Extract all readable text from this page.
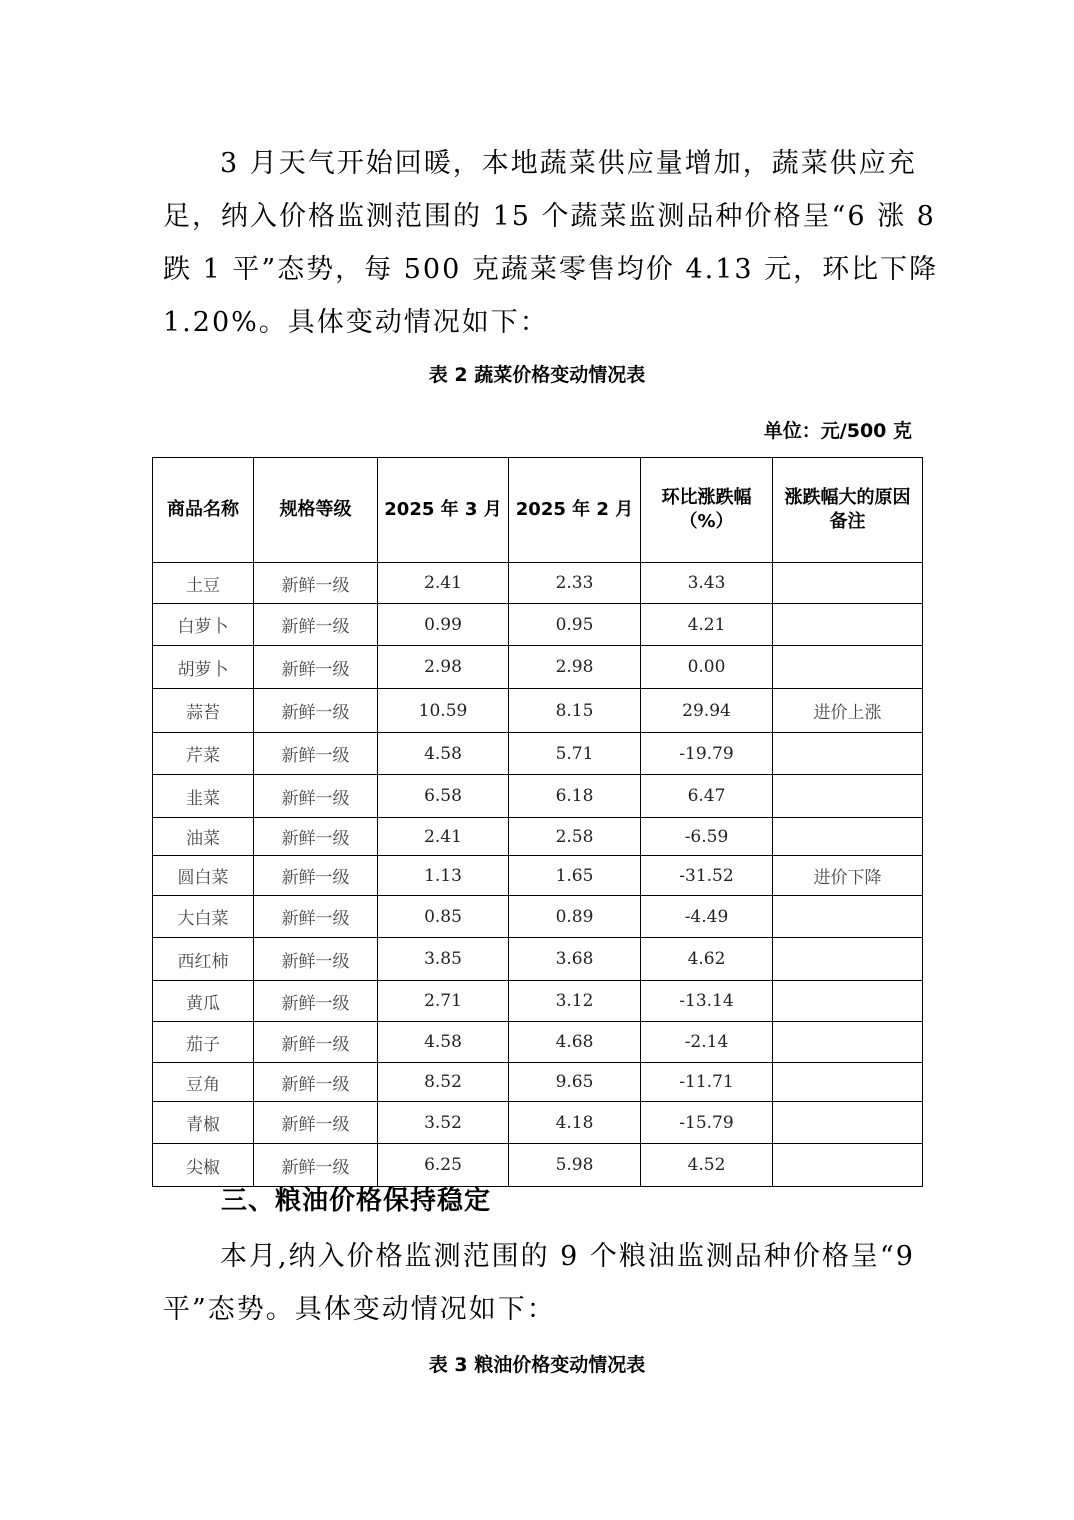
3 月天气开始回暖，本地蔬菜供应量增加，蔬菜供应充
足，纳入价格监测范围的 15 个蔬菜监测品种价格呈“6 涨 8
跌 1 平”态势，每 500 克蔬菜零售均价 4.13 元，环比下降
1.20%。具体变动情况如下：

表 2 蔬菜价格变动情况表

单位：元/500 克
商品名称	规格等级	2025 年 3 月	2025 年 2 月	环比涨跌幅（%）	涨跌幅大的原因备注
土豆	新鲜一级	2.41	2.33	3.43	
白萝卜	新鲜一级	0.99	0.95	4.21	
胡萝卜	新鲜一级	2.98	2.98	0.00	
蒜苔	新鲜一级	10.59	8.15	29.94	进价上涨
芹菜	新鲜一级	4.58	5.71	-19.79	
韭菜	新鲜一级	6.58	6.18	6.47	
油菜	新鲜一级	2.41	2.58	-6.59	
圆白菜	新鲜一级	1.13	1.65	-31.52	进价下降
大白菜	新鲜一级	0.85	0.89	-4.49	
西红柿	新鲜一级	3.85	3.68	4.62	
黄瓜	新鲜一级	2.71	3.12	-13.14	
茄子	新鲜一级	4.58	4.68	-2.14	
豆角	新鲜一级	8.52	9.65	-11.71	
青椒	新鲜一级	3.52	4.18	-15.79	
尖椒	新鲜一级	6.25	5.98	4.52	
三、粮油价格保持稳定
本月,纳入价格监测范围的 9 个粮油监测品种价格呈“9
平”态势。具体变动情况如下：

表 3 粮油价格变动情况表
